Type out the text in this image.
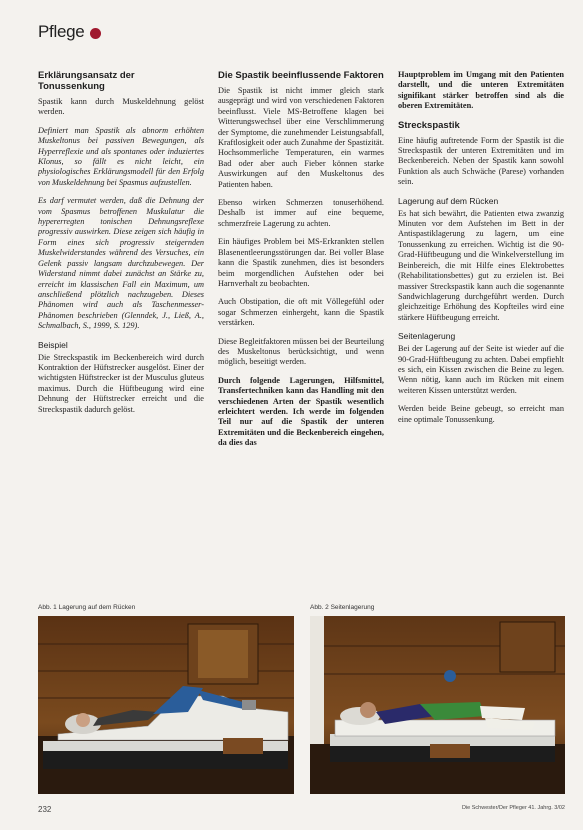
Pflege
Erklärungsansatz der Tonussenkung

Spastik kann durch Muskeldehnung gelöst werden.

Definiert man Spastik als abnorm erhöhten Muskeltonus bei passiven Bewegungen, als Hyperreflexie und als spontanes oder induziertes Klonus, so fällt es nicht leicht, ein physiologisches Erklärungsmodell für den Erfolg von Muskeldehnung bei Spasmus aufzustellen.

Es darf vermutet werden, daß die Dehnung der vom Spasmus betroffenen Muskulatur die hypererregten tonischen Dehnungsreflexe progressiv auswirken. Diese zeigen sich häufig in Form eines sich progressiv steigernden Muskelwiderstandes während des Versuches, ein Gelenk passiv langsam durchzubewegen. Der Widerstand nimmt dabei zunächst an Stärke zu, erreicht im klassischen Fall ein Maximum, um anschließend plötzlich nachzugeben. Dieses Phänomen wird auch als Taschenmesser-Phänomen beschrieben (Glenndek, J., Ließ, A., Schmalbach, S., 1999, S. 129).

Beispiel

Die Streckspastik im Beckenbereich wird durch Kontraktion der Hüftstrecker ausgelöst. Einer der wichtigsten Hüftstrecker ist der Musculus gluteus maximus. Durch die Hüftbeugung wird eine Dehnung der Hüftstrecker erreicht und die Streckspastik dadurch gelöst.

Die Spastik beeinflussende Faktoren

Die Spastik ist nicht immer gleich stark ausgeprägt und wird von verschiedenen Faktoren beeinflusst. Viele MS-Betroffene klagen bei Witterungswechsel über eine Verschlimmerung der Symptome, die zunehmender Leistungsabfall, Kraftlosigkeit oder auch Zunahme der Spastizität. Hochsommerliche Temperaturen, ein warmes Bad oder aber auch Fieber können starke Auswirkungen auf den Muskeltonus des Patienten haben.

Ebenso wirken Schmerzen tonuserhöhend. Deshalb ist immer auf eine bequeme, schmerzfreie Lagerung zu achten.

Ein häufiges Problem bei MS-Erkrankten stellen Blasenentleerungsstörungen dar. Bei voller Blase kann die Spastik zunehmen, dies ist besonders beim morgendlichen Aufstehen oder bei Harnverhalt zu beobachten.

Auch Obstipation, die oft mit Völlegefühl oder sogar Schmerzen einhergeht, kann die Spastik verstärken.

Diese Begleitfaktoren müssen bei der Beurteilung des Muskeltonus berücksichtigt, und wenn möglich, beseitigt werden.

Durch folgende Lagerungen, Hilfsmittel, Transfertechniken kann das Handling mit den verschiedenen Arten der Spastik wesentlich erleichtert werden. Ich werde im folgenden Teil nur auf die Spastik der unteren Extremitäten und die Beckenbereich eingehen, da dies das

Hauptproblem im Umgang mit den Patienten darstellt, und die unteren Extremitäten signifikant stärker betroffen sind als die oberen Extremitäten.

Streckspastik

Eine häufig auftretende Form der Spastik ist die Streckspastik der unteren Extremitäten und im Beckenbereich. Neben der Spastik kann sowohl Funktion als auch Schwäche (Parese) vorhanden sein.

Lagerung auf dem Rücken

Es hat sich bewährt, die Patienten etwa zwanzig Minuten vor dem Aufstehen im Bett in der Antispastiklagerung zu lagern, um eine Tonussenkung zu erreichen. Wichtig ist die 90-Grad-Hüftbeugung und die Winkelverstellung im Beinbereich, die mit Hilfe eines Elektrobettes (Rehabilitationsbettes) gut zu erzielen ist. Bei massiver Streckspastik kann auch die sogenannte Sandwichlagerung durchgeführt werden. Durch gleichzeitige Erhöhung des Kopfteiles wird eine stärkere Hüftbeugung erreicht.

Seitenlagerung

Bei der Lagerung auf der Seite ist wieder auf die 90-Grad-Hüftbeugung zu achten. Dabei empfiehlt es sich, ein Kissen zwischen die Beine zu legen. Wenn nötig, kann auch im Rücken mit einem weiteren Kissen unterstützt werden.

Werden beide Beine gebeugt, so erreicht man eine optimale Tonussenkung.

Abb. 1 Lagerung auf dem Rücken	Abb. 2 Seitenlagerung
232	Die Schwester/Der Pfleger 41. Jahrg. 3/02
